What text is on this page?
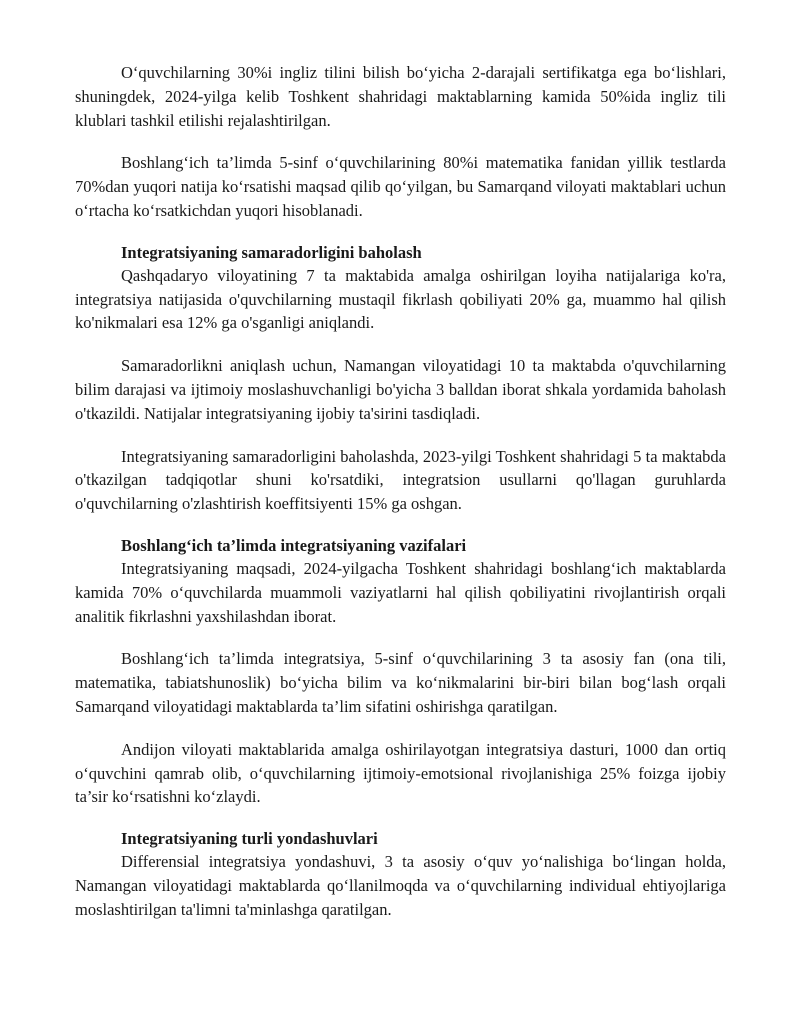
O‘quvchilarning 30%i ingliz tilini bilish bo‘yicha 2-darajali sertifikatga ega bo‘lishlari, shuningdek, 2024-yilga kelib Toshkent shahridagi maktablarning kamida 50%ida ingliz tili klublari tashkil etilishi rejalashtirilgan.

Boshlang‘ich ta’limda 5-sinf o‘quvchilarining 80%i matematika fanidan yillik testlarda 70%dan yuqori natija ko‘rsatishi maqsad qilib qo‘yilgan, bu Samarqand viloyati maktablari uchun o‘rtacha ko‘rsatkichdan yuqori hisoblanadi.

Integratsiyaning samaradorligini baholash

Qashqadaryo viloyatining 7 ta maktabida amalga oshirilgan loyiha natijalariga ko'ra, integratsiya natijasida o'quvchilarning mustaqil fikrlash qobiliyati 20% ga, muammo hal qilish ko'nikmalari esa 12% ga o'sganligi aniqlandi.

Samaradorlikni aniqlash uchun, Namangan viloyatidagi 10 ta maktabda o'quvchilarning bilim darajasi va ijtimoiy moslashuvchanligi bo'yicha 3 balldan iborat shkala yordamida baholash o'tkazildi. Natijalar integratsiyaning ijobiy ta'sirini tasdiqladi.

Integratsiyaning samaradorligini baholashda, 2023-yilgi Toshkent shahridagi 5 ta maktabda o'tkazilgan tadqiqotlar shuni ko'rsatdiki, integratsion usullarni qo'llagan guruhlarda o'quvchilarning o'zlashtirish koeffitsiyenti 15% ga oshgan.

Boshlang‘ich ta’limda integratsiyaning vazifalari

Integratsiyaning maqsadi, 2024-yilgacha Toshkent shahridagi boshlang‘ich maktablarda kamida 70% o‘quvchilarda muammoli vaziyatlarni hal qilish qobiliyatini rivojlantirish orqali analitik fikrlashni yaxshilashdan iborat.

Boshlang‘ich ta’limda integratsiya, 5-sinf o‘quvchilarining 3 ta asosiy fan (ona tili, matematika, tabiatshunoslik) bo‘yicha bilim va ko‘nikmalarini bir-biri bilan bog‘lash orqali Samarqand viloyatidagi maktablarda ta’lim sifatini oshirishga qaratilgan.

Andijon viloyati maktablarida amalga oshirilayotgan integratsiya dasturi, 1000 dan ortiq o‘quvchini qamrab olib, o‘quvchilarning ijtimoiy-emotsional rivojlanishiga 25% foizga ijobiy ta’sir ko‘rsatishni ko‘zlaydi.

Integratsiyaning turli yondashuvlari

Differensial integratsiya yondashuvi, 3 ta asosiy o‘quv yo‘nalishiga bo‘lingan holda, Namangan viloyatidagi maktablarda qo‘llanilmoqda va o‘quvchilarning individual ehtiyojlariga moslashtirilgan ta'limni ta'minlashga qaratilgan.
